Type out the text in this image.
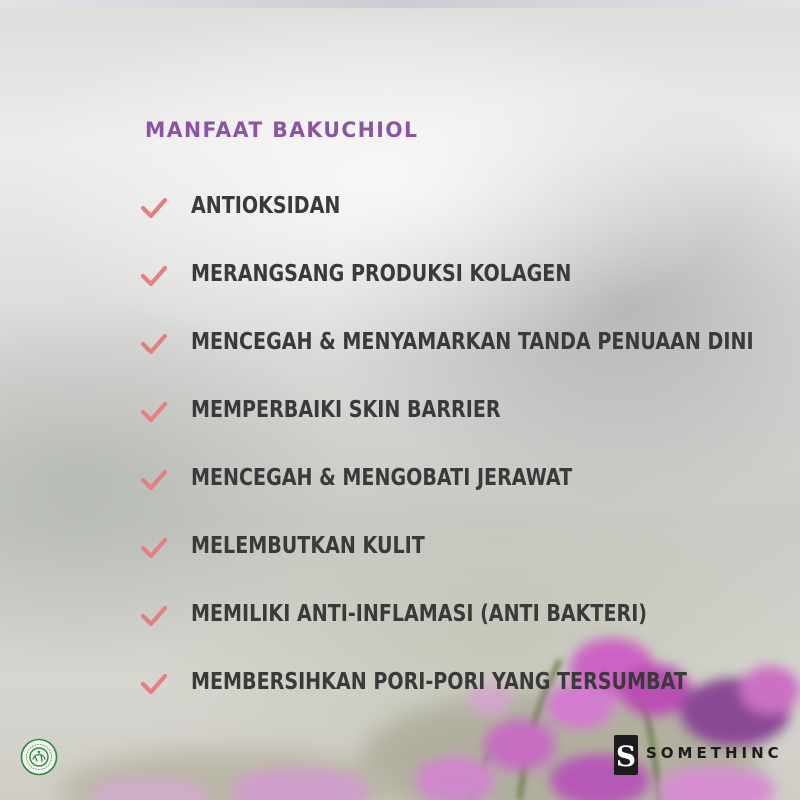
MANFAAT BAKUCHIOL
ANTIOKSIDAN
MERANGSANG PRODUKSI KOLAGEN
MENCEGAH & MENYAMARKAN TANDA PENUAAN DINI
MEMPERBAIKI SKIN BARRIER
MENCEGAH & MENGOBATI JERAWAT
MELEMBUTKAN KULIT
MEMILIKI ANTI-INFLAMASI (ANTI BAKTERI)
MEMBERSIHKAN PORI-PORI YANG TERSUMBAT
S SOMETHINC
